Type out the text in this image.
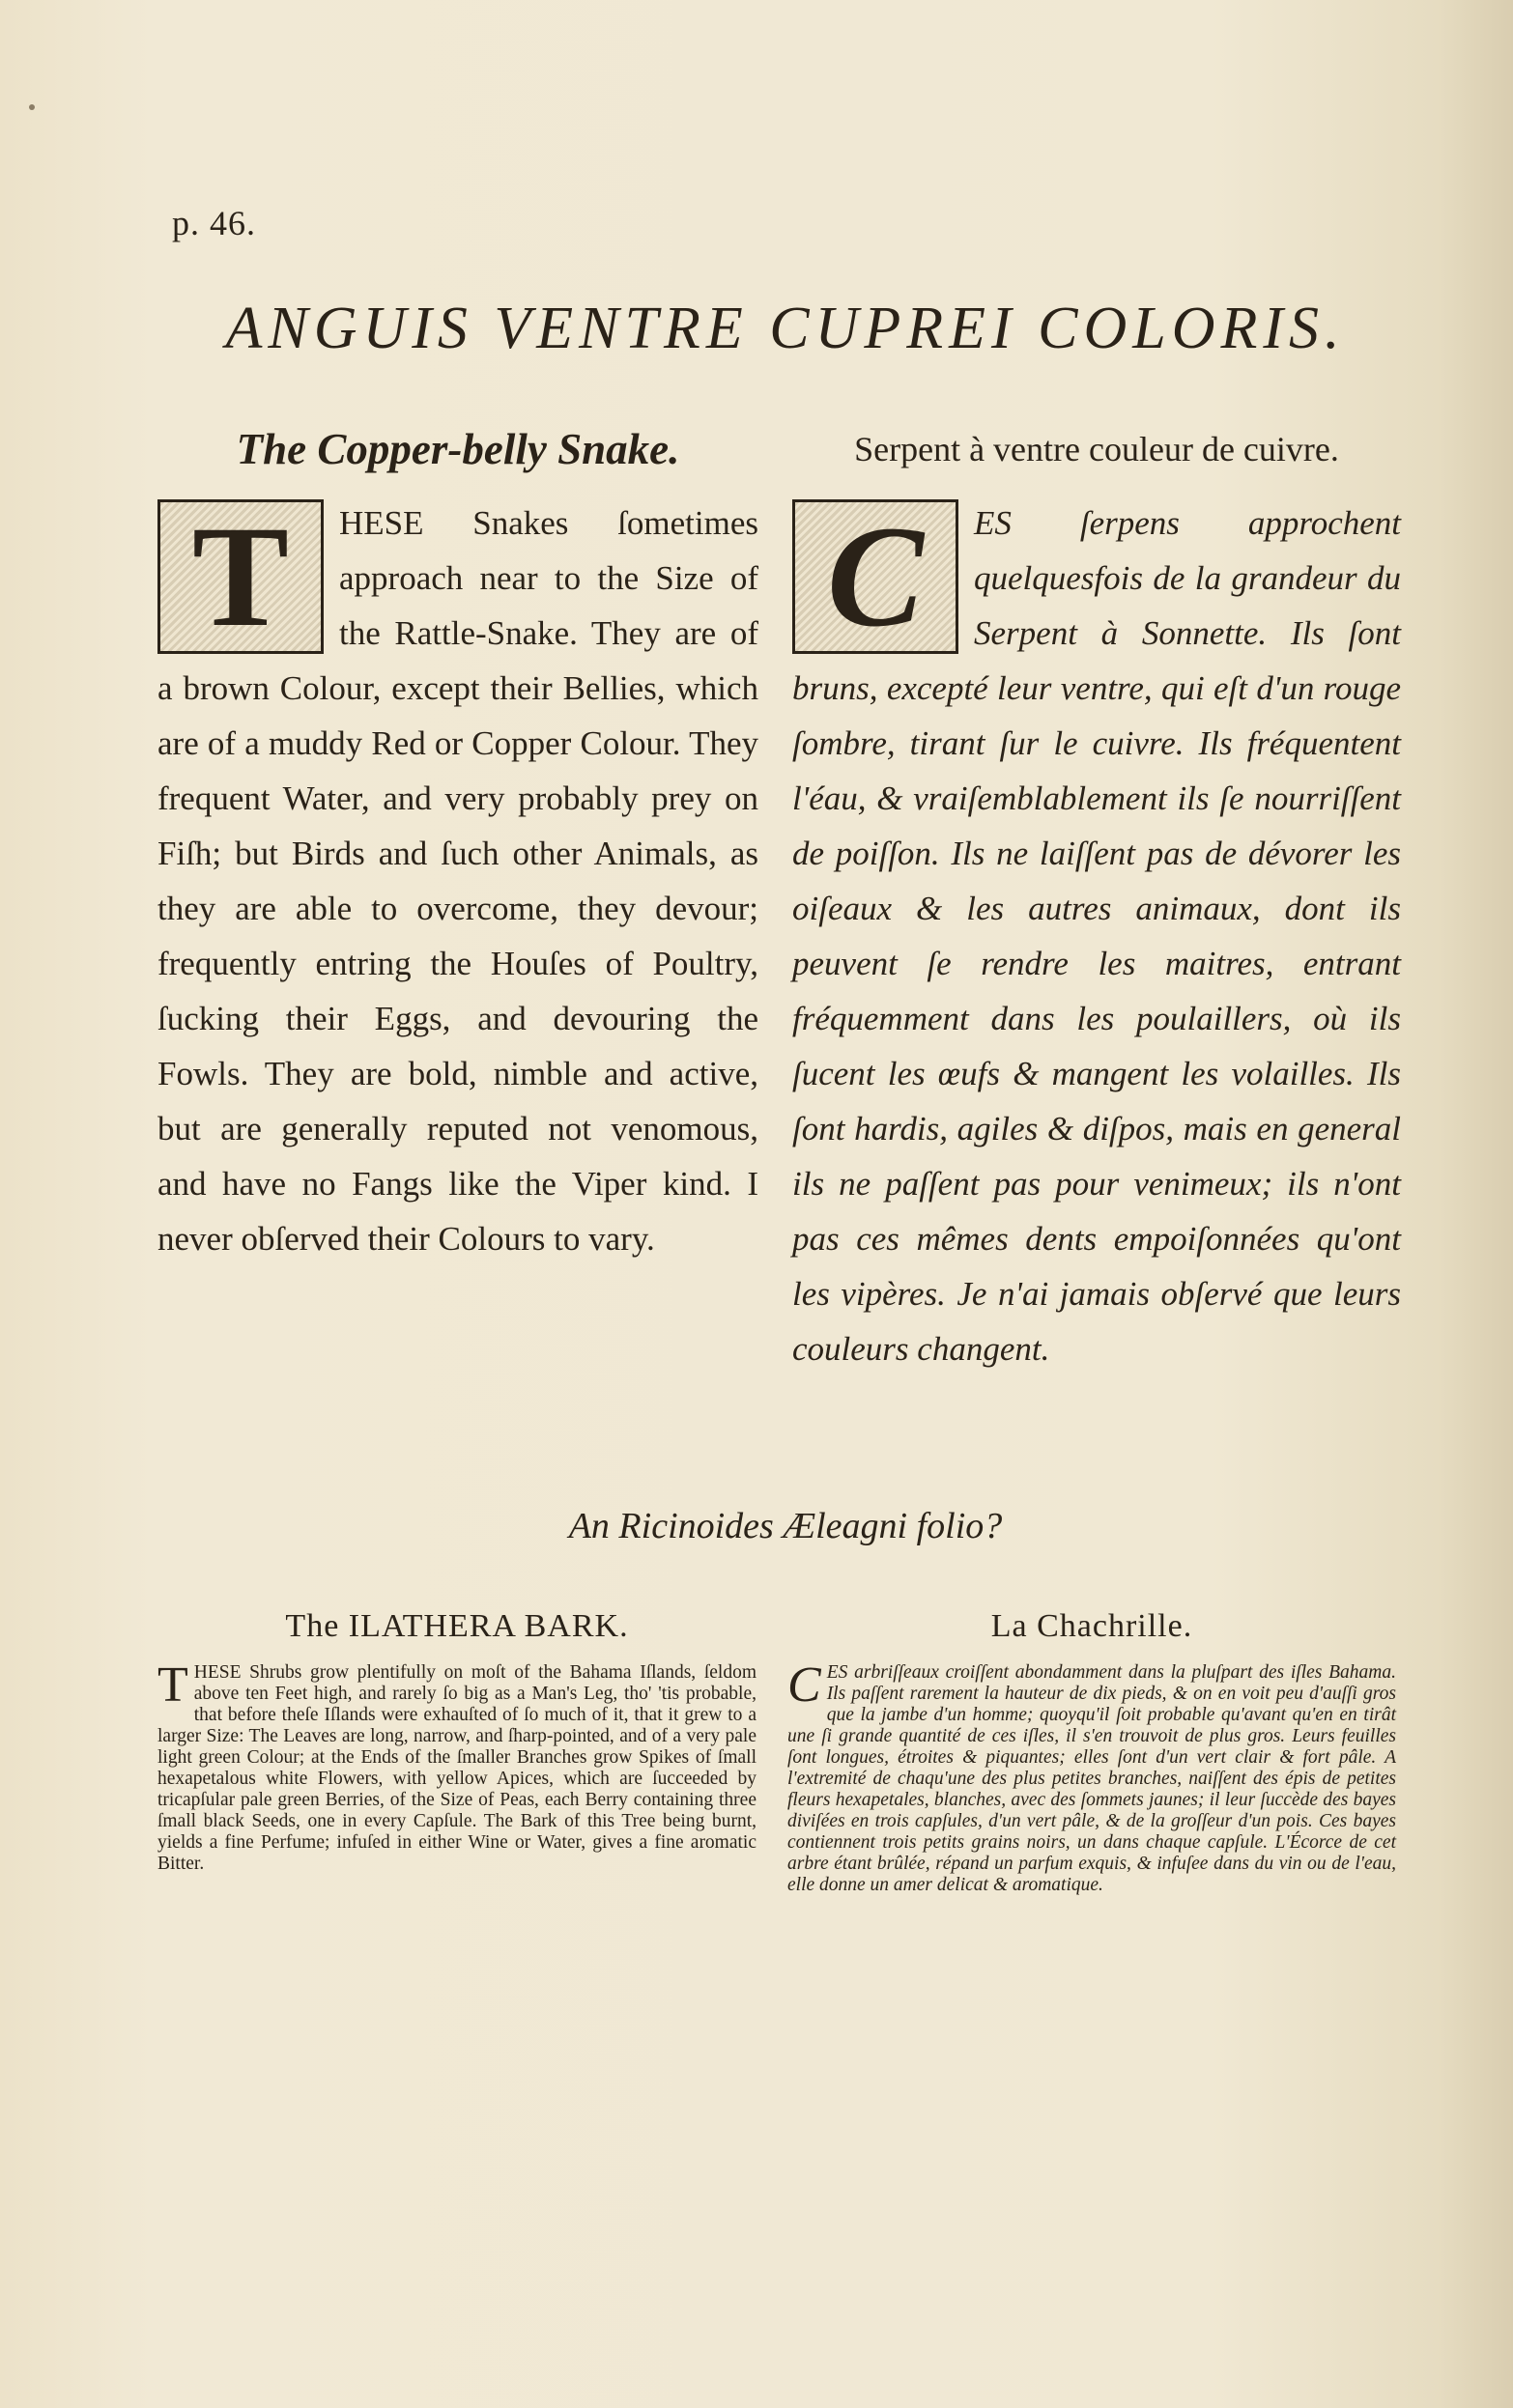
p. 46.
ANGUIS VENTRE CUPREI COLORIS.
The Copper-belly Snake.
T	HESE Snakes ſometimes approach near to the Size of the Rattle-Snake. They are of a brown Colour, except their Bellies, which are of a muddy Red or Copper Colour. They frequent Water, and very probably prey on Fiſh; but Birds and ſuch other Animals, as they are able to overcome, they devour; frequently entring the Houſes of Poultry, ſucking their Eggs, and devouring the Fowls. They are bold, nimble and active, but are generally reputed not venomous, and have no Fangs like the Viper kind. I never obſerved their Colours to vary.
Serpent à ventre couleur de cuivre.
C	ES ſerpens approchent quelquesfois de la grandeur du Serpent à Sonnette. Ils ſont bruns, excepté leur ventre, qui eſt d'un rouge ſombre, tirant ſur le cuivre. Ils fréquentent l'éau, & vraiſemblablement ils ſe nourriſſent de poiſſon. Ils ne laiſſent pas de dévorer les oiſeaux & les autres animaux, dont ils peuvent ſe rendre les maitres, entrant fréquemment dans les poulaillers, où ils ſucent les œufs & mangent les volailles. Ils ſont hardis, agiles & diſpos, mais en general ils ne paſſent pas pour venimeux; ils n'ont pas ces mêmes dents empoiſonnées qu'ont les vipères. Je n'ai jamais obſervé que leurs couleurs changent.
An Ricinoides Æleagni folio?
The ILATHERA BARK.
T HESE Shrubs grow plentifully on moſt of the Bahama Iſlands, ſeldom above ten Feet high, and rarely ſo big as a Man's Leg, tho' 'tis probable, that before theſe Iſlands were exhauſted of ſo much of it, that it grew to a larger Size: The Leaves are long, narrow, and ſharp-pointed, and of a very pale light green Colour; at the Ends of the ſmaller Branches grow Spikes of ſmall hexapetalous white Flowers, with yellow Apices, which are ſucceeded by tricapſular pale green Berries, of the Size of Peas, each Berry containing three ſmall black Seeds, one in every Capſule. The Bark of this Tree being burnt, yields a fine Perfume; infuſed in either Wine or Water, gives a fine aromatic Bitter.
La Chachrille.
C ES arbriſſeaux croiſſent abondamment dans la pluſpart des iſles Bahama. Ils paſſent rarement la hauteur de dix pieds, & on en voit peu d'auſſi gros que la jambe d'un homme; quoyqu'il ſoit probable qu'avant qu'en en tirât une ſi grande quantité de ces iſles, il s'en trouvoit de plus gros. Leurs feuilles ſont longues, étroites & piquantes; elles ſont d'un vert clair & fort pâle. A l'extremité de chaqu'une des plus petites branches, naiſſent des épis de petites fleurs hexapetales, blanches, avec des ſommets jaunes; il leur ſuccède des bayes diviſées en trois capſules, d'un vert pâle, & de la groſſeur d'un pois. Ces bayes contiennent trois petits grains noirs, un dans chaque capſule. L'Écorce de cet arbre étant brûlée, répand un parfum exquis, & infuſee dans du vin ou de l'eau, elle donne un amer delicat & aromatique.
